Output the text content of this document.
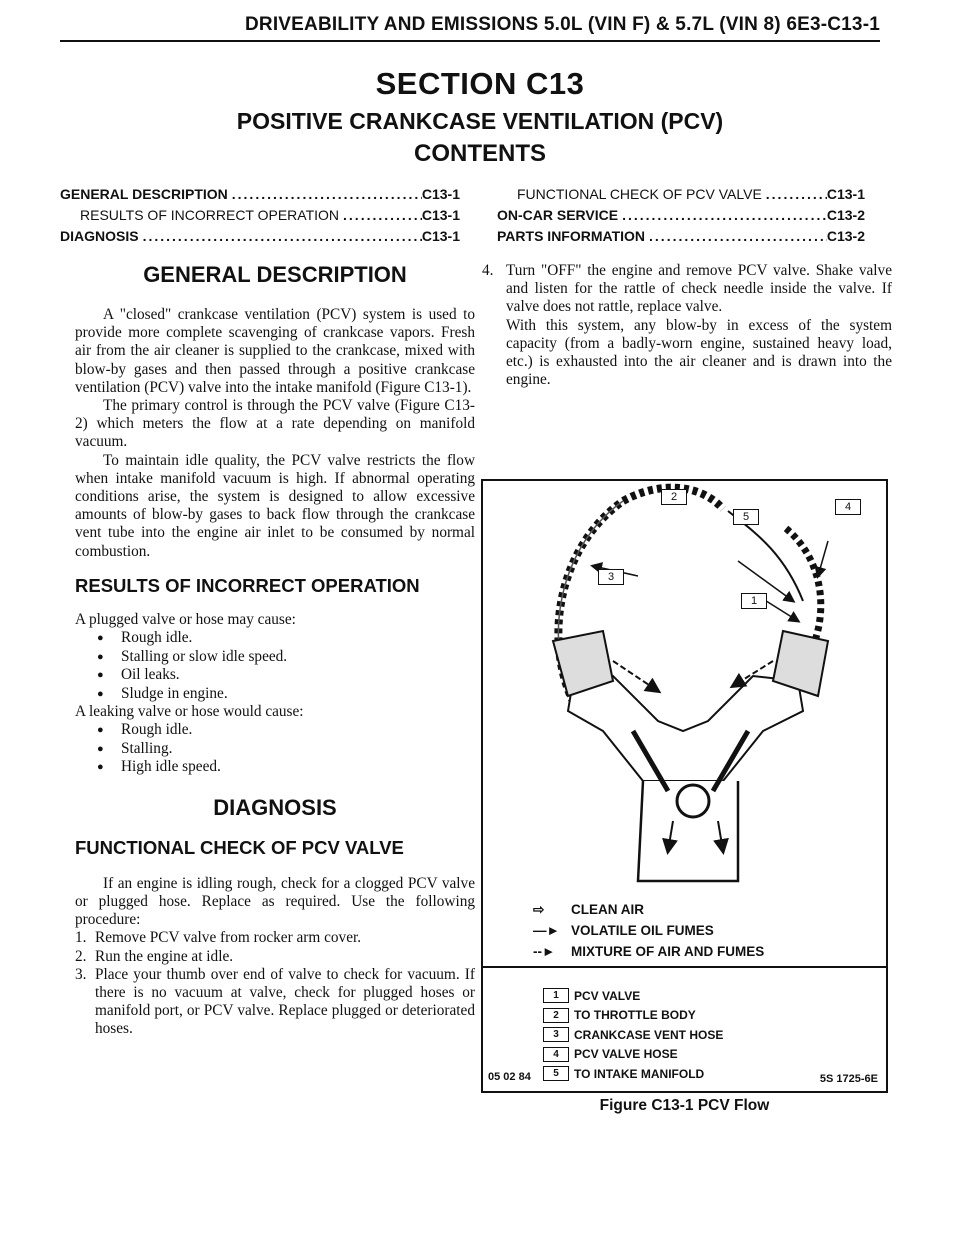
DRIVEABILITY AND EMISSIONS 5.0L (VIN F) & 5.7L (VIN 8) 6E3-C13-1
SECTION C13
POSITIVE CRANKCASE VENTILATION (PCV)
CONTENTS
GENERAL DESCRIPTION .....	C13-1
RESULTS OF INCORRECT OPERATION .....	C13-1
DIAGNOSIS .....	C13-1
FUNCTIONAL CHECK OF PCV VALVE .....	C13-1
ON-CAR SERVICE .....	C13-2
PARTS INFORMATION .....	C13-2
GENERAL DESCRIPTION

A "closed" crankcase ventilation (PCV) system is used to provide more complete scavenging of crankcase vapors. Fresh air from the air cleaner is supplied to the crankcase, mixed with blow-by gases and then passed through a positive crankcase ventilation (PCV) valve into the intake manifold (Figure C13-1).

The primary control is through the PCV valve (Figure C13-2) which meters the flow at a rate depending on manifold vacuum.

To maintain idle quality, the PCV valve restricts the flow when intake manifold vacuum is high. If abnormal operating conditions arise, the system is designed to allow excessive amounts of blow-by gases to back flow through the crankcase vent tube into the engine air inlet to be consumed by normal combustion.

RESULTS OF INCORRECT OPERATION

A plugged valve or hose may cause:

● Rough idle.
● Stalling or slow idle speed.
● Oil leaks.
● Sludge in engine.

A leaking valve or hose would cause:

● Rough idle.
● Stalling.
● High idle speed.
DIAGNOSIS
FUNCTIONAL CHECK OF PCV VALVE

If an engine is idling rough, check for a clogged PCV valve or plugged hose. Replace as required. Use the following procedure:

1. Remove PCV valve from rocker arm cover.
2. Run the engine at idle.
3. Place your thumb over end of valve to check for vacuum. If there is no vacuum at valve, check for plugged hoses or manifold port, or PCV valve. Replace plugged or deteriorated hoses.
4. Turn "OFF" the engine and remove PCV valve. Shake valve and listen for the rattle of check needle inside the valve. If valve does not rattle, replace valve.

With this system, any blow-by in excess of the system capacity (from a badly-worn engine, sustained heavy load, etc.) is exhausted into the air cleaner and is drawn into the engine.

2
5
4
3
1
⇨	CLEAN AIR
—► VOLATILE OIL FUMES
--►	MIXTURE OF AIR AND FUMES
1	PCV VALVE
2	TO THROTTLE BODY
3	CRANKCASE VENT HOSE
4	PCV VALVE HOSE
5	TO INTAKE MANIFOLD
05 02 84	5S 1725-6E
Figure C13-1 PCV Flow
